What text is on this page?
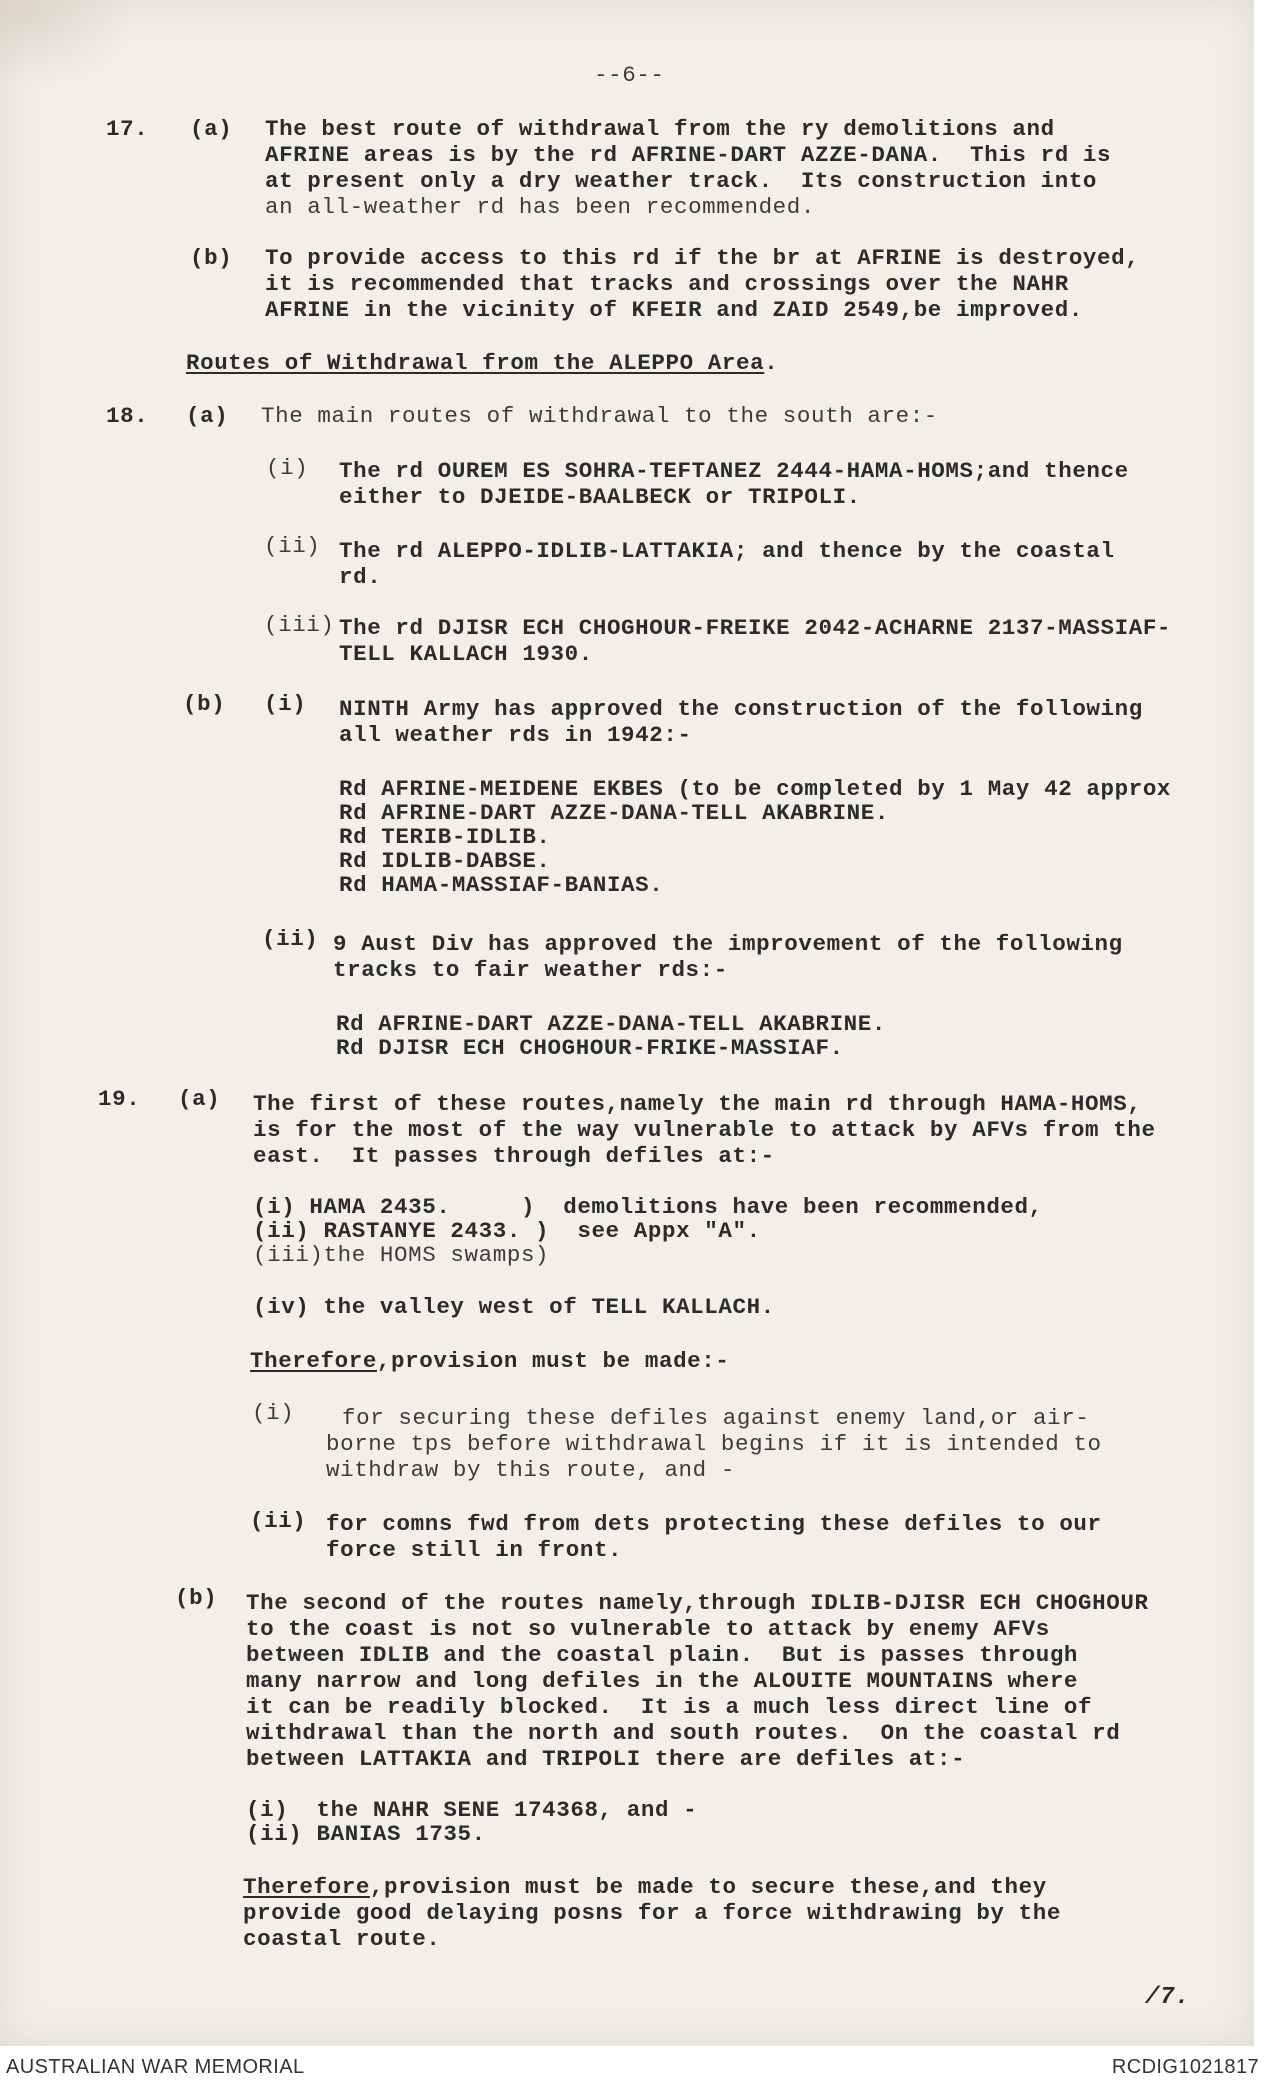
--6--
17. (a) The best route of withdrawal from the ry demolitions and
AFRINE areas is by the rd AFRINE-DART AZZE-DANA.  This rd is
at present only a dry weather track.  Its construction into
an all-weather rd has been recommended.
(b) To provide access to this rd if the br at AFRINE is destroyed,
it is recommended that tracks and crossings over the NAHR
AFRINE in the vicinity of KFEIR and ZAID 2549,be improved.
Routes of Withdrawal from the ALEPPO Area.
18. (a) The main routes of withdrawal to the south are:-
(i) The rd OUREM ES SOHRA-TEFTANEZ 2444-HAMA-HOMS;and thence
either to DJEIDE-BAALBECK or TRIPOLI.
(ii) The rd ALEPPO-IDLIB-LATTAKIA; and thence by the coastal
rd.
(iii) The rd DJISR ECH CHOGHOUR-FREIKE 2042-ACHARNE 2137-MASSIAF-
TELL KALLACH 1930.
(b) (i) NINTH Army has approved the construction of the following
all weather rds in 1942:-
Rd AFRINE-MEIDENE EKBES (to be completed by 1 May 42 approx
Rd AFRINE-DART AZZE-DANA-TELL AKABRINE.
Rd TERIB-IDLIB.
Rd IDLIB-DABSE.
Rd HAMA-MASSIAF-BANIAS.
(ii) 9 Aust Div has approved the improvement of the following
tracks to fair weather rds:-
Rd AFRINE-DART AZZE-DANA-TELL AKABRINE.
Rd DJISR ECH CHOGHOUR-FRIKE-MASSIAF.
19. (a) The first of these routes,namely the main rd through HAMA-HOMS,
is for the most of the way vulnerable to attack by AFVs from the
east.  It passes through defiles at:-
(i) HAMA 2435.     )  demolitions have been recommended,
(ii) RASTANYE 2433. )  see Appx "A".
(iii)the HOMS swamps)
(iv) the valley west of TELL KALLACH.
Therefore,provision must be made:-
(i) for securing these defiles against enemy land,or air-
borne tps before withdrawal begins if it is intended to
withdraw by this route, and -
(ii) for comns fwd from dets protecting these defiles to our
force still in front.
(b) The second of the routes namely,through IDLIB-DJISR ECH CHOGHOUR
to the coast is not so vulnerable to attack by enemy AFVs
between IDLIB and the coastal plain.  But is passes through
many narrow and long defiles in the ALOUITE MOUNTAINS where
it can be readily blocked.  It is a much less direct line of
withdrawal than the north and south routes.  On the coastal rd
between LATTAKIA and TRIPOLI there are defiles at:-
(i)  the NAHR SENE 174368, and -
(ii) BANIAS 1735.
Therefore,provision must be made to secure these,and they
provide good delaying posns for a force withdrawing by the
coastal route.
/7.
AUSTRALIAN WAR MEMORIAL	RCDIG1021817
